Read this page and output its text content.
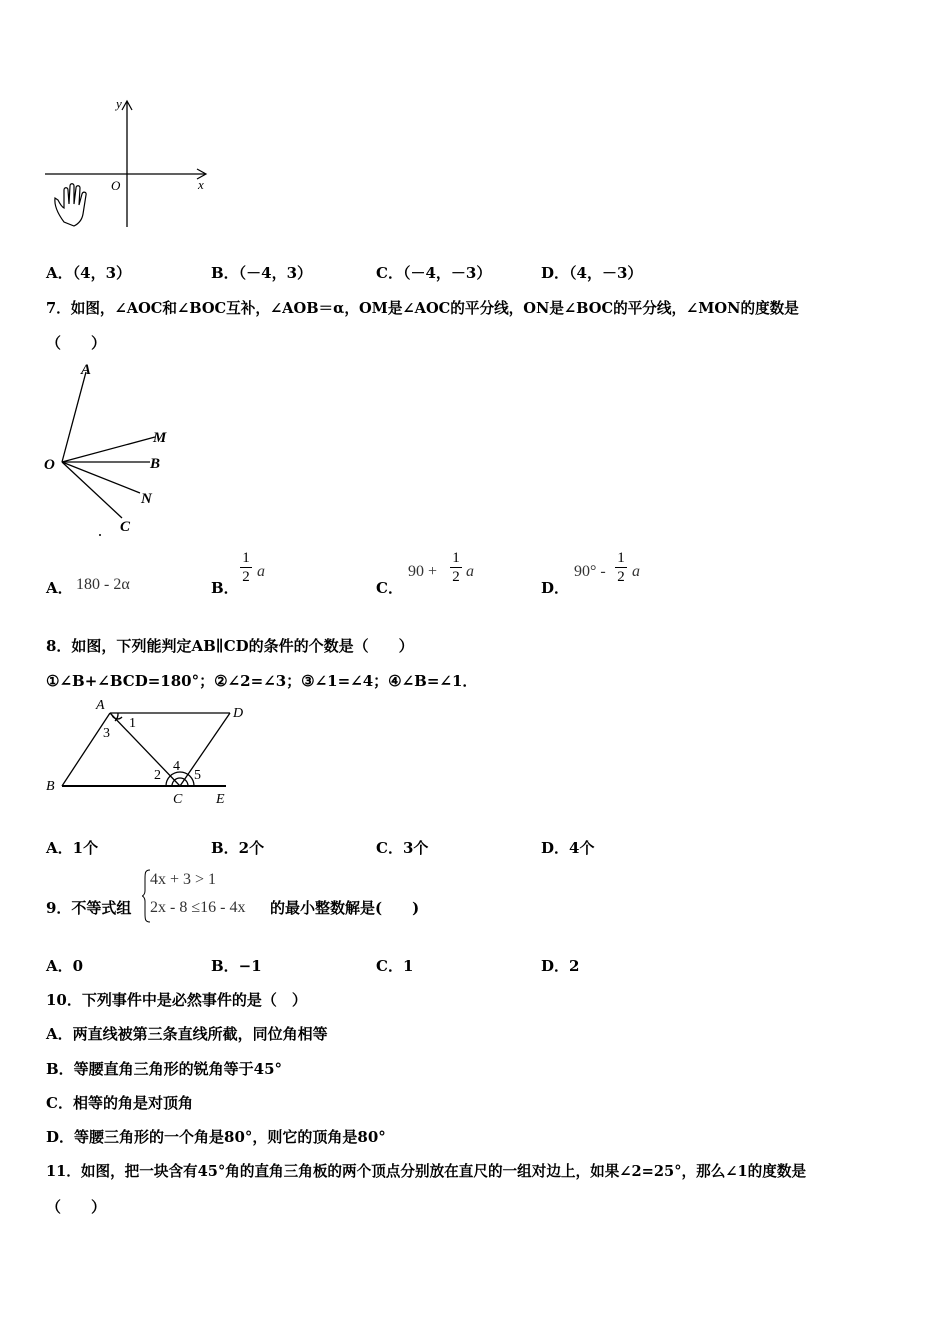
y
x
O
A．（4，3）	B．（－4，3）	C．（－4，－3）	D．（4，－3）
7．如图，∠AOC和∠BOC互补，∠AOB＝α，OM是∠AOC的平分线，ON是∠BOC的平分线，∠MON的度数是
（　　）
A
M
B
N
C
O
A． 180 - 2α	B．
1
2 a
C．
90 +
1
2 a
D．
90° -
1
2 a
8．如图，下列能判定AB∥CD的条件的个数是（　　）
①∠B+∠BCD=180°；②∠2=∠3；③∠1=∠4；④∠B=∠1．
A
D
1
3
2
4
5
B
C E
A．1个	B．2个	C．3个	D．4个
9．不等式组
4x + 3 > 1
2x - 8 ≤16 - 4x 的最小整数解是(　　)
A．0	B．−1	C．1	D．2
10．下列事件中是必然事件的是（　）
A．两直线被第三条直线所截，同位角相等
B．等腰直角三角形的锐角等于45°
C．相等的角是对顶角
D．等腰三角形的一个角是80°，则它的顶角是80°
11．如图，把一块含有45°角的直角三角板的两个顶点分别放在直尺的一组对边上，如果∠2=25°，那么∠1的度数是
（　　）
